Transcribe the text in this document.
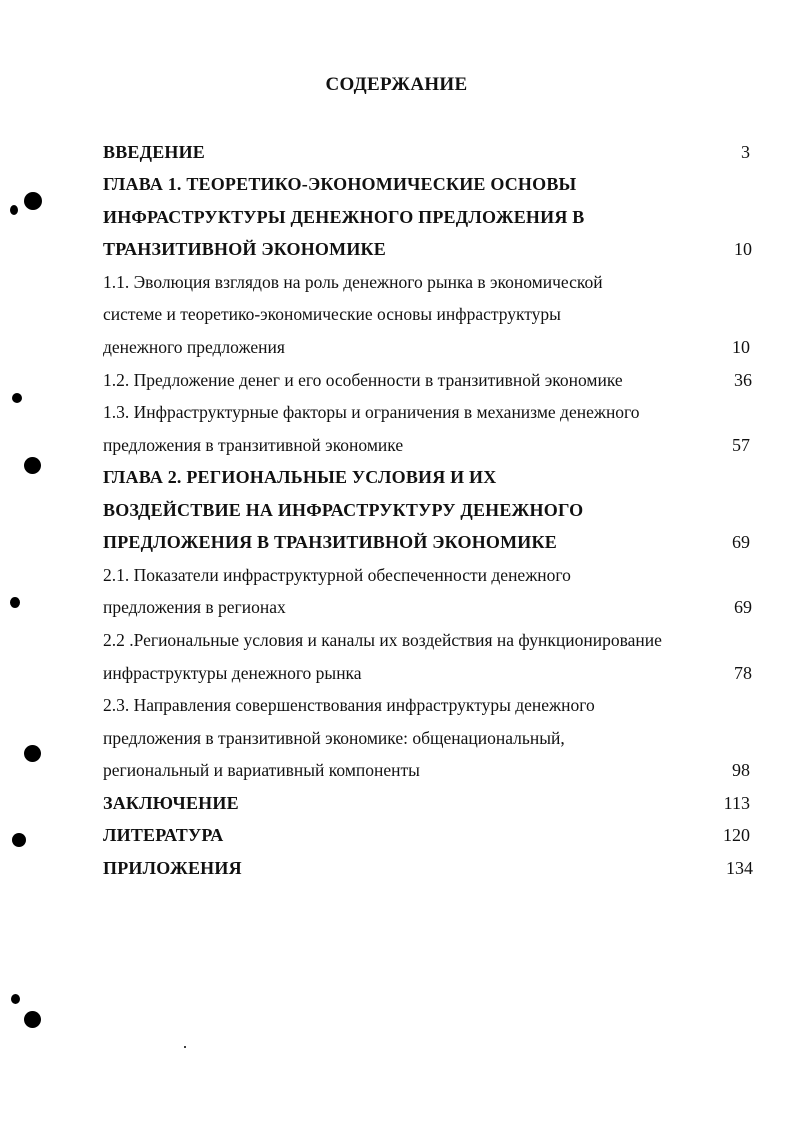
СОДЕРЖАНИЕ
ВВЕДЕНИЕ	3
ГЛАВА 1. ТЕОРЕТИКО-ЭКОНОМИЧЕСКИЕ ОСНОВЫ
ИНФРАСТРУКТУРЫ ДЕНЕЖНОГО ПРЕДЛОЖЕНИЯ В
ТРАНЗИТИВНОЙ ЭКОНОМИКЕ	10
1.1. Эволюция взглядов на роль денежного рынка в экономической
системе и теоретико-экономические основы инфраструктуры
денежного предложения	10
1.2. Предложение денег и его особенности в транзитивной экономике	36
1.3. Инфраструктурные факторы и ограничения в механизме денежного
предложения в транзитивной экономике	57
ГЛАВА 2. РЕГИОНАЛЬНЫЕ УСЛОВИЯ И ИХ
ВОЗДЕЙСТВИЕ НА ИНФРАСТРУКТУРУ ДЕНЕЖНОГО
ПРЕДЛОЖЕНИЯ В ТРАНЗИТИВНОЙ ЭКОНОМИКЕ	69
2.1. Показатели инфраструктурной обеспеченности денежного
предложения в регионах	69
2.2 .Региональные условия и каналы их воздействия на функционирование
инфраструктуры денежного рынка	78
2.3. Направления совершенствования инфраструктуры денежного
предложения в транзитивной экономике: общенациональный,
региональный и вариативный компоненты	98
ЗАКЛЮЧЕНИЕ	113
ЛИТЕРАТУРА	120
ПРИЛОЖЕНИЯ	134
